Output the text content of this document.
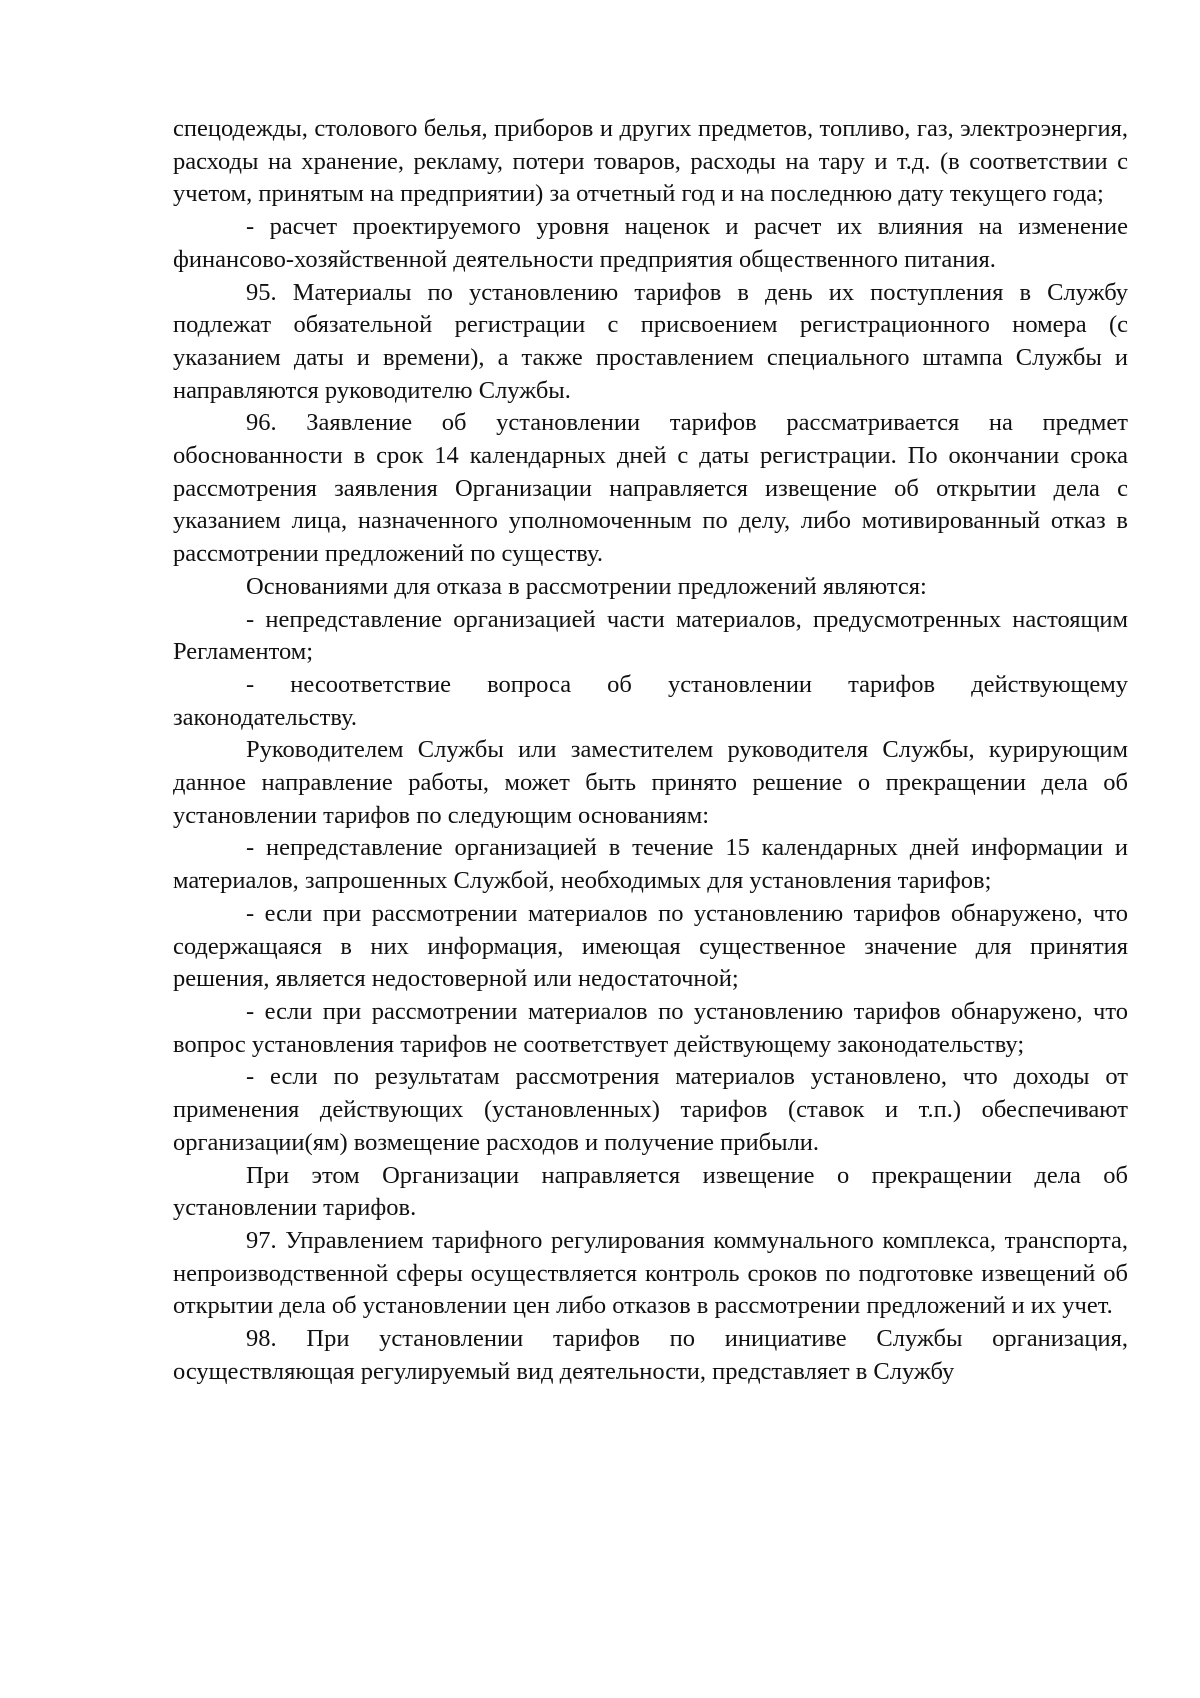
спецодежды, столового белья, приборов и других предметов, топливо, газ, электроэнергия, расходы на хранение, рекламу, потери товаров, расходы на тару и т.д. (в соответствии с учетом, принятым на предприятии) за отчетный год и на последнюю дату текущего года;

- расчет проектируемого уровня наценок и расчет их влияния на изменение финансово-хозяйственной деятельности предприятия общественного питания.

95. Материалы по установлению тарифов в день их поступления в Службу подлежат обязательной регистрации с присвоением регистрационного номера (с указанием даты и времени), а также проставлением специального штампа Службы и направляются руководителю Службы.

96. Заявление об установлении тарифов рассматривается на предмет обоснованности в срок 14 календарных дней с даты регистрации. По окончании срока рассмотрения заявления Организации направляется извещение об открытии дела с указанием лица, назначенного уполномоченным по делу, либо мотивированный отказ в рассмотрении предложений по существу.

Основаниями для отказа в рассмотрении предложений являются:

- непредставление организацией части материалов, предусмотренных настоящим Регламентом;

- несоответствие вопроса об установлении тарифов действующему законодательству.

Руководителем Службы или заместителем руководителя Службы, курирующим данное направление работы, может быть принято решение о прекращении дела об установлении тарифов по следующим основаниям:

- непредставление организацией в течение 15 календарных дней информации и материалов, запрошенных Службой, необходимых для установления тарифов;

- если при рассмотрении материалов по установлению тарифов обнаружено, что содержащаяся в них информация, имеющая существенное значение для принятия решения, является недостоверной или недостаточной;

- если при рассмотрении материалов по установлению тарифов обнаружено, что вопрос установления тарифов не соответствует действующему законодательству;

- если по результатам рассмотрения материалов установлено, что доходы от применения действующих (установленных) тарифов (ставок и т.п.) обеспечивают организации(ям) возмещение расходов и получение прибыли.

При этом Организации направляется извещение о прекращении дела об установлении тарифов.

97. Управлением тарифного регулирования коммунального комплекса, транспорта, непроизводственной сферы осуществляется контроль сроков по подготовке извещений об открытии дела об установлении цен либо отказов в рассмотрении предложений и их учет.

98. При установлении тарифов по инициативе Службы организация, осуществляющая регулируемый вид деятельности, представляет в Службу
